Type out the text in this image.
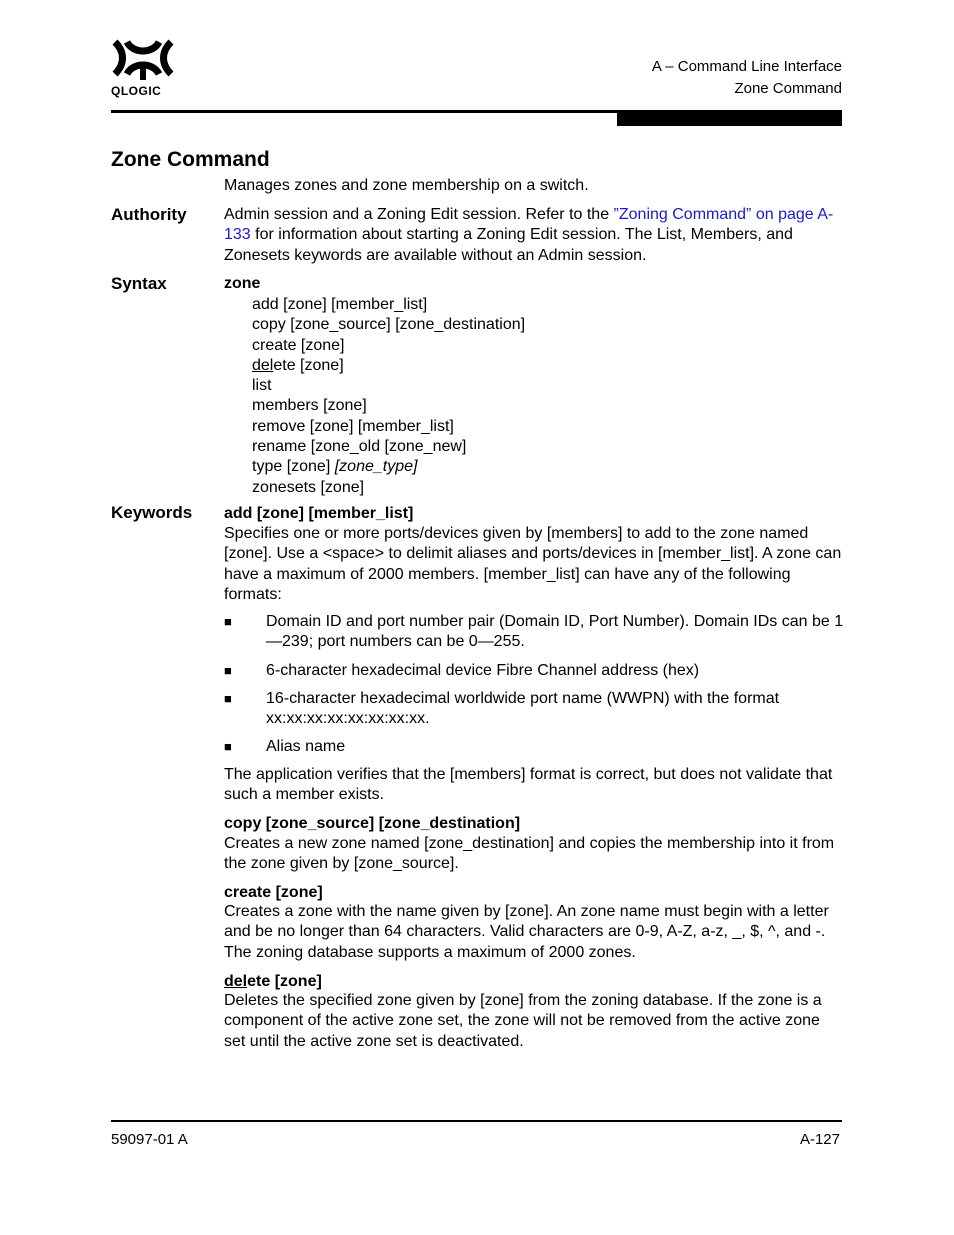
QLOGIC
A – Command Line Interface
Zone Command
Zone Command
Manages zones and zone membership on a switch.
Authority Admin session and a Zoning Edit session. Refer to the ”Zoning Command” on page A-133 for information about starting a Zoning Edit session. The List, Members, and Zonesets keywords are available without an Admin session.
Syntax	zone
add [zone] [member_list]
copy [zone_source] [zone_destination]
create [zone]
delete [zone]
list
members [zone]
remove [zone] [member_list]
rename [zone_old [zone_new]
type [zone] [zone_type]
zonesets [zone]
Keywords add [zone] [member_list]
Specifies one or more ports/devices given by [members] to add to the zone named [zone]. Use a <space> to delimit aliases and ports/devices in [member_list]. A zone can have a maximum of 2000 members. [member_list] can have any of the following formats:
■ Domain ID and port number pair (Domain ID, Port Number). Domain IDs can be 1—239; port numbers can be 0—255.
■ 6-character hexadecimal device Fibre Channel address (hex)
■ 16-character hexadecimal worldwide port name (WWPN) with the format xx:xx:xx:xx:xx:xx:xx:xx.
■ Alias name
The application verifies that the [members] format is correct, but does not validate that such a member exists.
copy [zone_source] [zone_destination]
Creates a new zone named [zone_destination] and copies the membership into it from the zone given by [zone_source].
create [zone]
Creates a zone with the name given by [zone]. An zone name must begin with a letter and be no longer than 64 characters. Valid characters are 0-9, A-Z, a-z, _, $, ^, and -. The zoning database supports a maximum of 2000 zones.
delete [zone]
Deletes the specified zone given by [zone] from the zoning database. If the zone is a component of the active zone set, the zone will not be removed from the active zone set until the active zone set is deactivated.
59097-01 A	A-127
